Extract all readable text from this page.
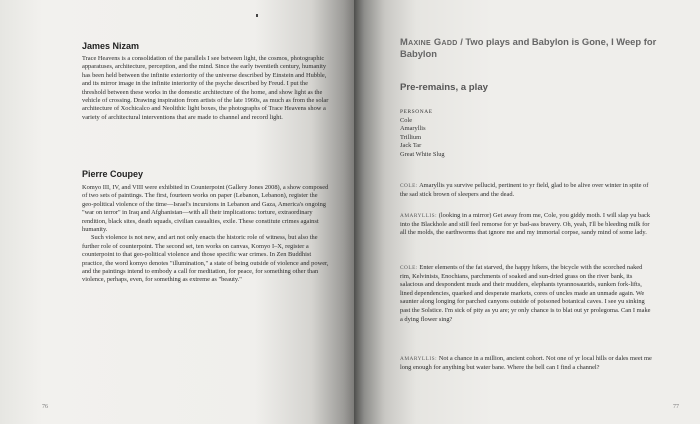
James Nizam

Trace Heavens is a consolidation of the parallels I see between light, the cosmos, photographic apparatuses, architecture, perception, and the mind. Since the early twentieth century, humanity has been held between the infinite exteriority of the universe described by Einstein and Hubble, and its mirror image in the infinite interiority of the psyche described by Freud. I put the threshold between these works in the domestic architecture of the home, and show light as the vehicle of crossing. Drawing inspiration from artists of the late 1960s, as much as from the solar architecture of Xochicalco and Neolithic light boxes, the photographs of Trace Heavens show a variety of architectural interventions that are made to channel and record light.

Pierre Coupey

Komyo III, IV, and VIII were exhibited in Counterpoint (Gallery Jones 2008), a show composed of two sets of paintings. The first, fourteen works on paper (Lebanon, Lebanon), register the geo-political violence of the time—Israel's incursions in Lebanon and Gaza, America's ongoing "war on terror" in Iraq and Afghanistan—with all their implications: torture, extraordinary rendition, black sites, death squads, civilian casualties, exile. These constitute crimes against humanity.

Such violence is not new, and art not only enacts the historic role of witness, but also the further role of counterpoint. The second set, ten works on canvas, Komyo I–X, register a counterpoint to that geo-political violence and those specific war crimes. In Zen Buddhist practice, the word komyo denotes "illumination," a state of being outside of violence and power, and the paintings intend to embody a call for meditation, for peace, for something other than violence, perhaps, even, for something as extreme as "beauty."

76
Maxine Gadd / Two plays and Babylon is Gone, I Weep for Babylon
Pre-remains, a play
PERSONAE
Cole
Amaryllis
Trillium
Jack Tar
Great White Slug
COLE: Amaryllis yu survive pellucid, pertinent to yr field, glad to be alive over winter in spite of the sad stick brown of sleepers and the dead.
AMARYLLIS: (looking in a mirror) Get away from me, Cole, you giddy moth. I will slap yu back into the Blackhole and still feel remorse for yr bad-ass bravery. Oh, yeah, I'll be bleeding milk for all the molds, the earthworms that ignore me and my immortal corpse, sandy mind of some lady.
COLE: Enter elements of the fat starved, the happy hikers, the bicycle with the scorched naked rim, Kelvinists, Enochians, parchments of soaked and sun-dried grass on the river bank, its salacious and despondent muds and their mudders, elephants tyrannosaurids, sunken fork-lifts, lined dependencies, quarked and desperate markets, cores of uncles made an unmade again. We saunter along longing for parched canyons outside of poisoned botanical caves. I see yu sinking past the Solstice. I'm sick of pity as yu are; yr only chance is to blat out yr prolegoma. Can I make a dying flower sing?
AMARYLLIS: Not a chance in a million, ancient cohort. Not one of yr local hills or dales meet me long enough for anything but water bane. Where the bell can I find a channel?
77
